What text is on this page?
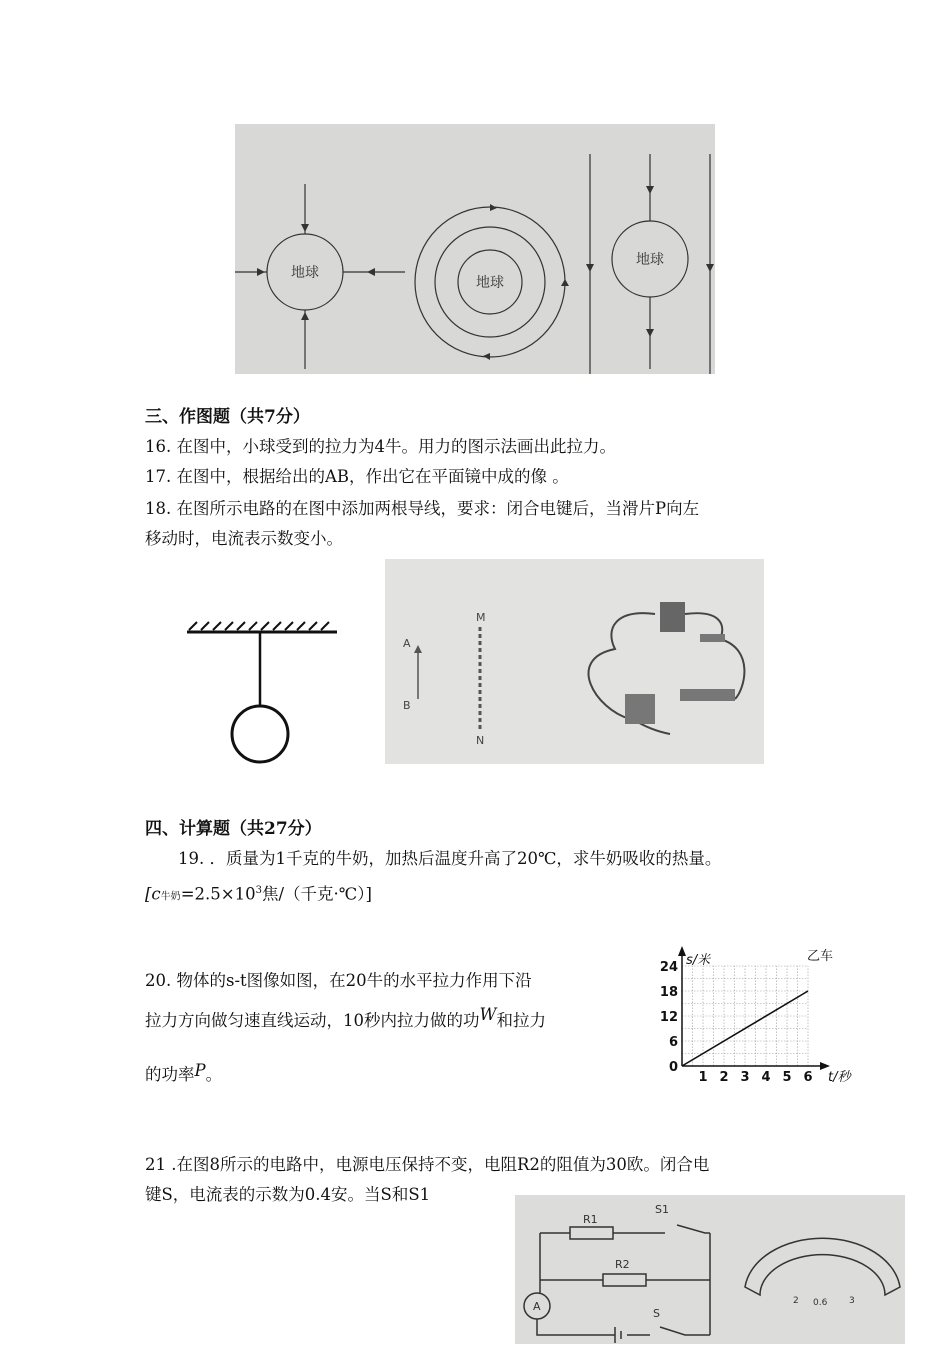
地球
地球
地球
三、作图题（共7分）
16. 在图中，小球受到的拉力为4牛。用力的图示法画出此拉力。
17. 在图中，根据给出的AB，作出它在平面镜中成的像 。
18. 在图所示电路的在图中添加两根导线，要求：闭合电键后，当滑片P向左
移动时，电流表示数变小。
A
B
M
N
四、计算题（共27分）
19. ．质量为1千克的牛奶，加热后温度升高了20℃，求牛奶吸收的热量。
[c牛奶$=2.5\times 10^3$焦/（千克·℃）]
20. 物体的s-t图像如图，在20牛的水平拉力作用下沿
拉力方向做匀速直线运动，10秒内拉力做的功W和拉力
的功率P。	1 2 3 4 5 6
6
12
18
24
0
s/米
t/秒
乙车
21 .在图8所示的电路中，电源电压保持不变，电阻R2的阻值为30欧。闭合电
键S，电流表的示数为0.4安。当S和S1
R1
R2
S1
S
A	0.6
2	3
